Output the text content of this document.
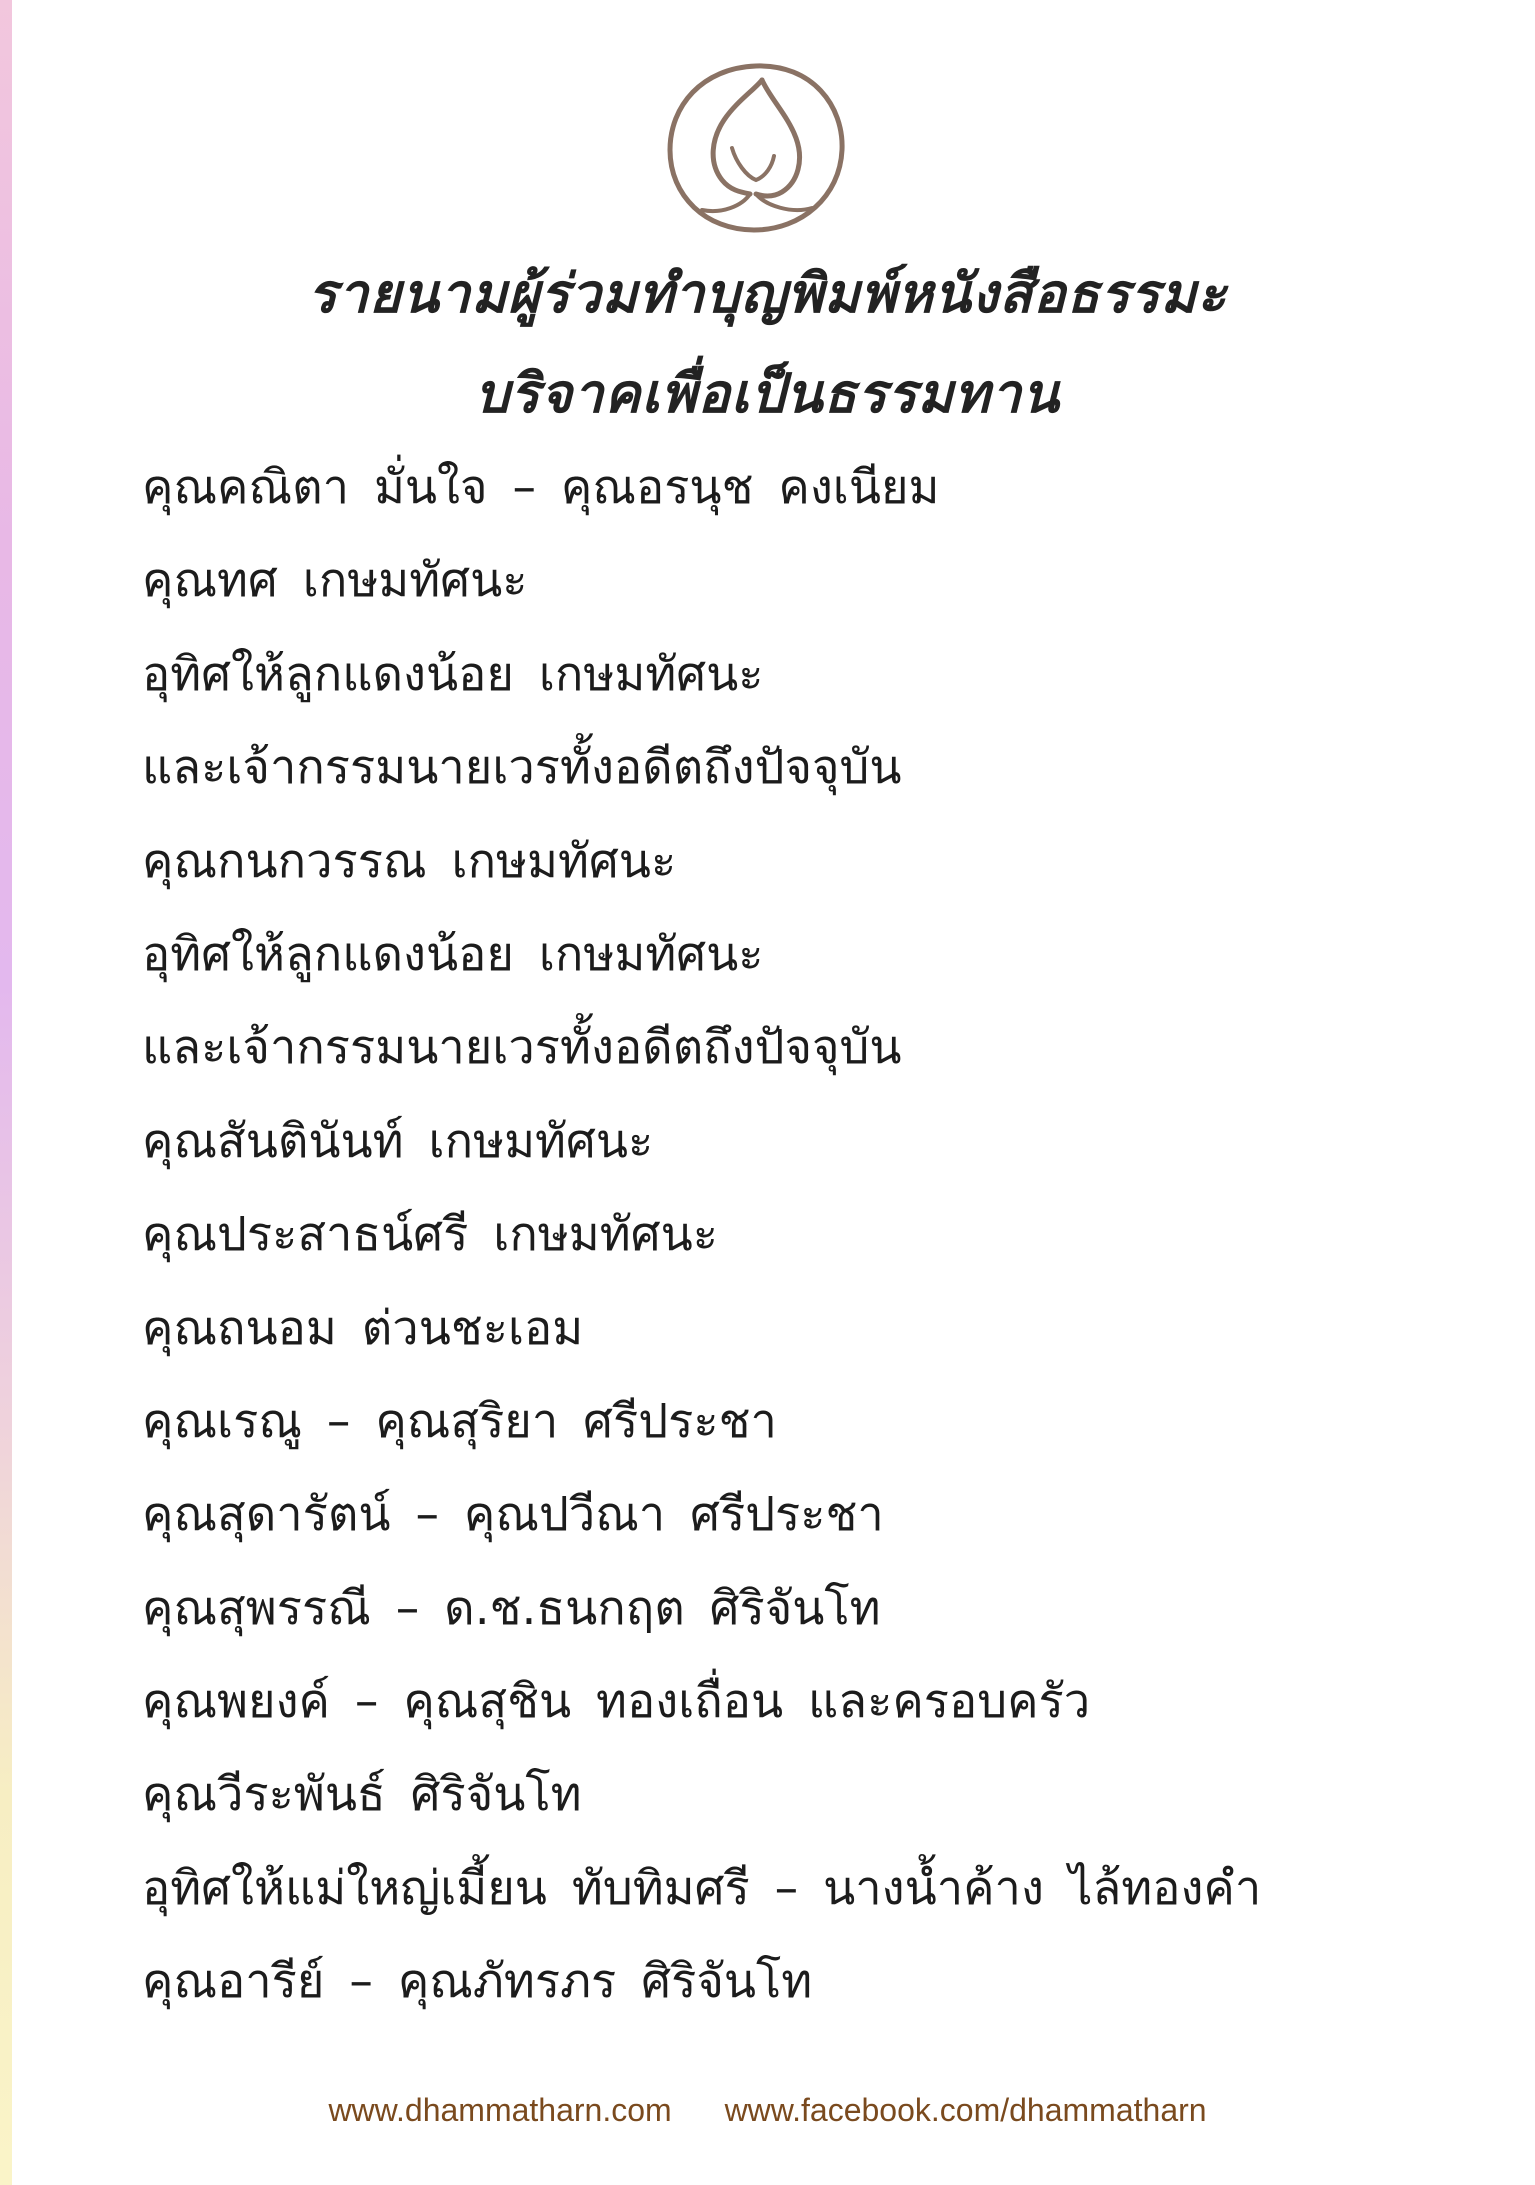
รายนามผู้ร่วมทำบุญพิมพ์หนังสือธรรมะ
บริจาคเพื่อเป็นธรรมทาน
คุณคณิตา มั่นใจ – คุณอรนุช คงเนียม
คุณทศ เกษมทัศนะ
อุทิศให้ลูกแดงน้อย เกษมทัศนะ
และเจ้ากรรมนายเวรทั้งอดีตถึงปัจจุบัน
คุณกนกวรรณ เกษมทัศนะ
อุทิศให้ลูกแดงน้อย เกษมทัศนะ
และเจ้ากรรมนายเวรทั้งอดีตถึงปัจจุบัน
คุณสันตินันท์ เกษมทัศนะ
คุณประสาธน์ศรี เกษมทัศนะ
คุณถนอม ต่วนชะเอม
คุณเรณู – คุณสุริยา ศรีประชา
คุณสุดารัตน์ – คุณปวีณา ศรีประชา
คุณสุพรรณี – ด.ช.ธนกฤต ศิริจันโท
คุณพยงค์ – คุณสุชิน ทองเถื่อน และครอบครัว
คุณวีระพันธ์ ศิริจันโท
อุทิศให้แม่ใหญ่เมี้ยน ทับทิมศรี – นางน้ำค้าง ไล้ทองคำ
คุณอารีย์ – คุณภัทรภร ศิริจันโท
www.dhammatharn.com www.facebook.com/dhammatharn
